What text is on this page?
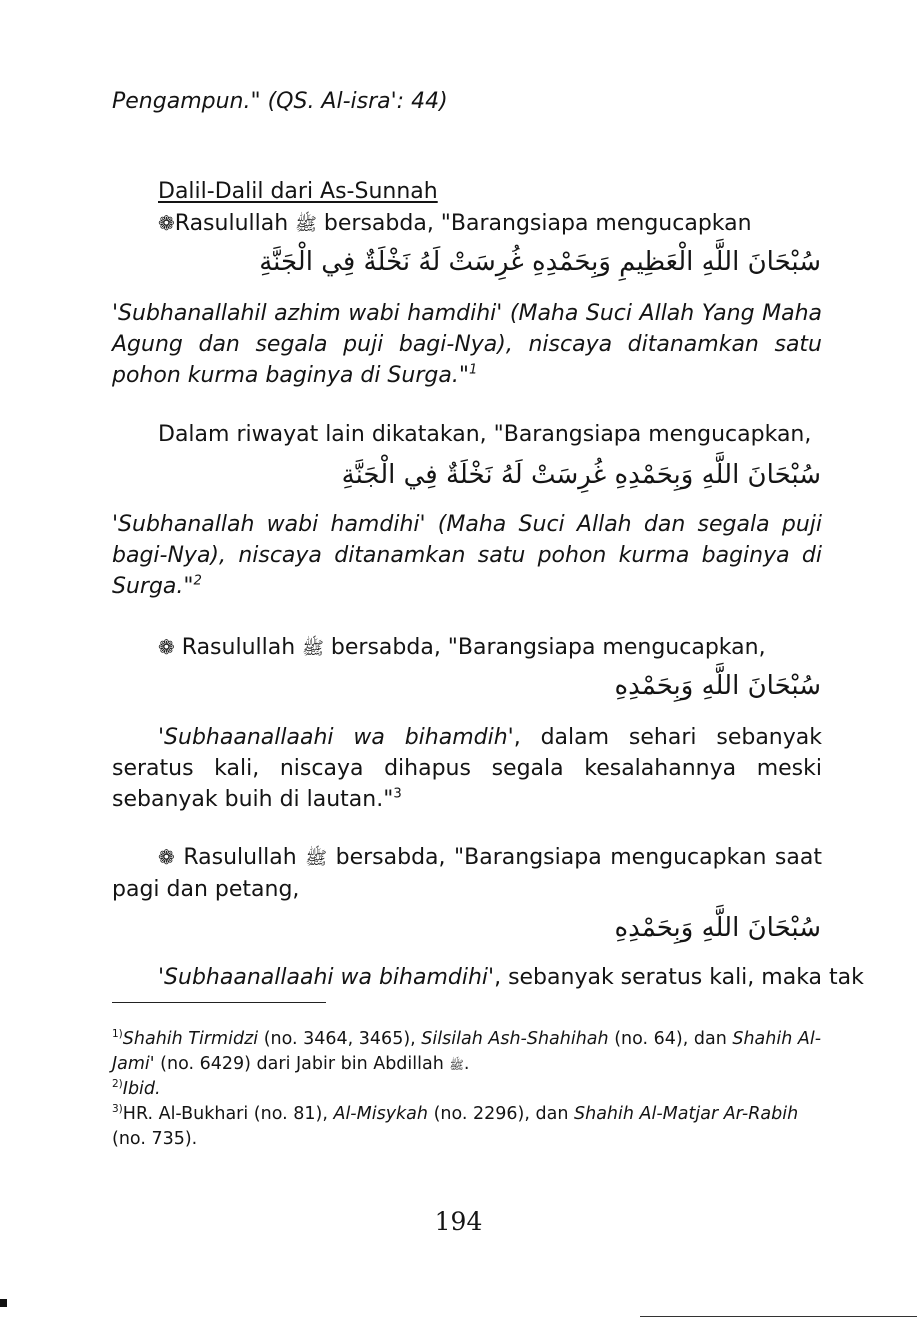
Pengampun." (QS. Al-isra': 44)

Dalil-Dalil dari As-Sunnah

❁Rasulullah ﷺ bersabda, "Barangsiapa mengucapkan

سُبْحَانَ اللَّهِ الْعَظِيمِ وَبِحَمْدِهِ غُرِسَتْ لَهُ نَخْلَةٌ فِي الْجَنَّةِ

'Subhanallahil azhim wabi hamdihi' (Maha Suci Allah Yang Maha Agung dan segala puji bagi-Nya), niscaya ditanamkan satu pohon kurma baginya di Surga."$^1$

Dalam riwayat lain dikatakan, "Barangsiapa mengucapkan,

سُبْحَانَ اللَّهِ وَبِحَمْدِهِ غُرِسَتْ لَهُ نَخْلَةٌ فِي الْجَنَّةِ

'Subhanallah wabi hamdihi' (Maha Suci Allah dan segala puji bagi-Nya), niscaya ditanamkan satu pohon kurma baginya di Surga."$^2$

❁ Rasulullah ﷺ bersabda, "Barangsiapa mengucapkan,

سُبْحَانَ اللَّهِ وَبِحَمْدِهِ

'Subhaanallaahi wa bihamdih', dalam sehari sebanyak seratus kali, niscaya dihapus segala kesalahannya meski sebanyak buih di lautan."$^3$

❁ Rasulullah ﷺ bersabda, "Barangsiapa mengucapkan saat pagi dan petang,

سُبْحَانَ اللَّهِ وَبِحَمْدِهِ

'Subhaanallaahi wa bihamdihi', sebanyak seratus kali, maka tak

$^{1)}$Shahih Tirmidzi (no. 3464, 3465), Silsilah Ash-Shahihah (no. 64), dan Shahih Al-Jami' (no. 6429) dari Jabir bin Abdillah ﷺ.

$^{2)}$Ibid.

$^{3)}$HR. Al-Bukhari (no. 81), Al-Misykah (no. 2296), dan Shahih Al-Matjar Ar-Rabih (no. 735).

194
